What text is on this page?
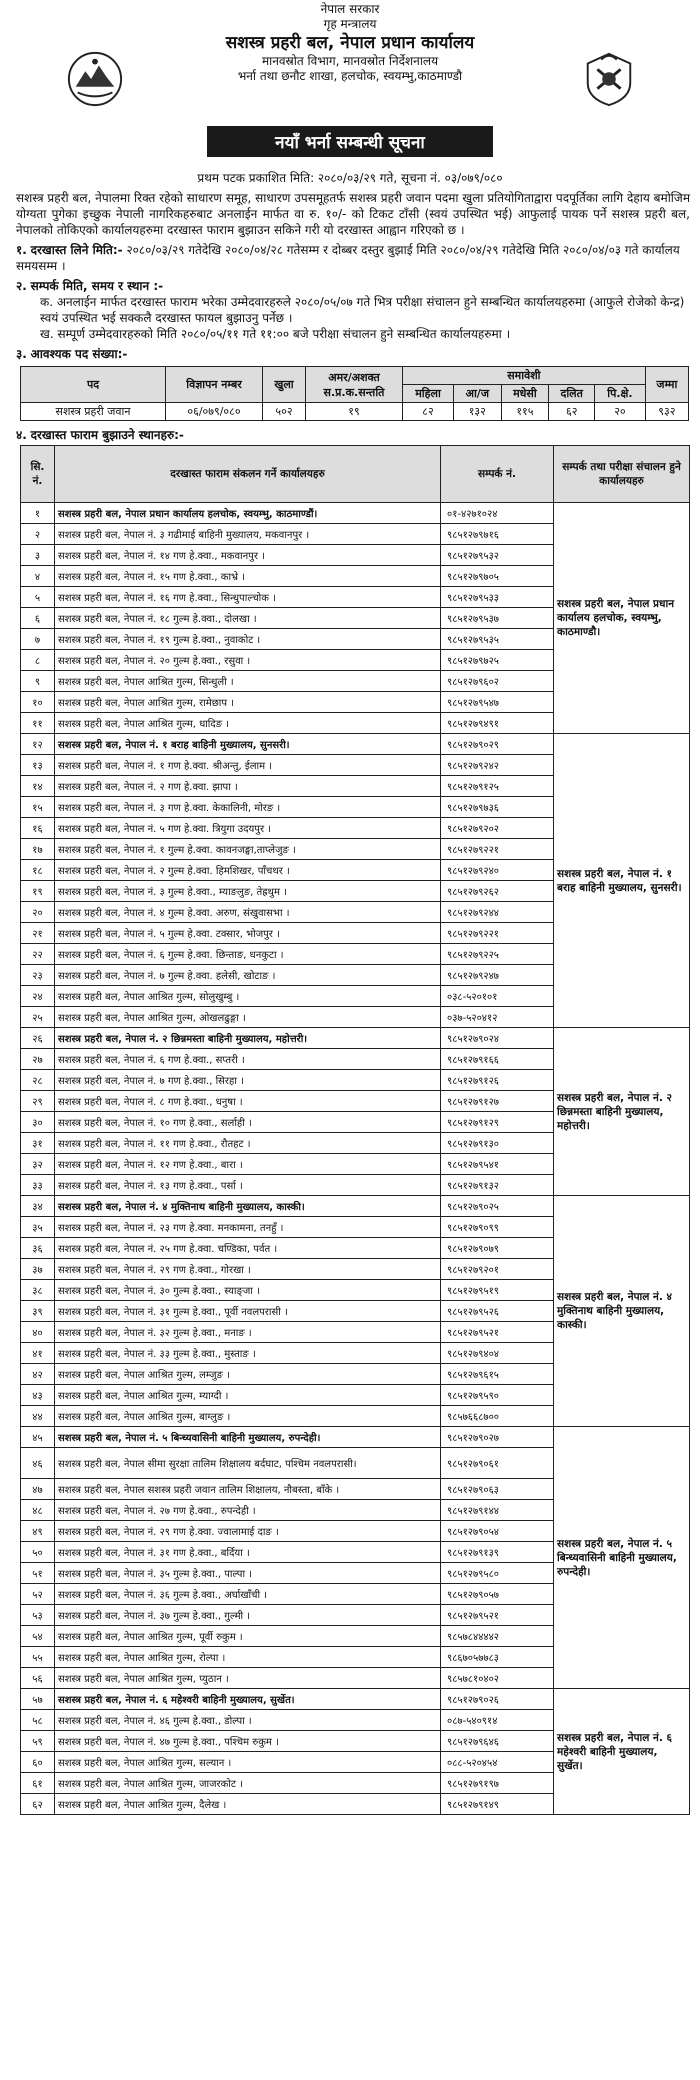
नेपाल सरकार
गृह मन्त्रालय
सशस्त्र प्रहरी बल, नेपाल प्रधान कार्यालय
मानवस्रोत विभाग, मानवस्रोत निर्देशनालय
भर्ना तथा छनौट शाखा, हलचोक, स्वयम्भु,काठमाण्डौ
नयाँ भर्ना सम्बन्धी सूचना
प्रथम पटक प्रकाशित मिति: २०८०/०३/२९ गते, सूचना नं. ०३/०७९/०८०
सशस्त्र प्रहरी बल, नेपालमा रिक्त रहेको साधारण समूह, साधारण उपसमूहतर्फ सशस्त्र प्रहरी जवान पदमा खुला प्रतियोगिताद्वारा पदपूर्तिका लागि देहाय बमोजिम योग्यता पुगेका इच्छुक नेपाली नागरिकहरुबाट अनलाईन मार्फत वा रु. १०/- को टिकट टाँसी (स्वयं उपस्थित भई) आफुलाई पायक पर्ने सशस्त्र प्रहरी बल, नेपालको तोकिएको कार्यालयहरुमा दरखास्त फाराम बुझाउन सकिने गरी यो दरखास्त आह्वान गरिएको छ ।
१. दरखास्त लिने मिति:- २०८०/०३/२९ गतेदेखि २०८०/०४/२८ गतेसम्म र दोब्बर दस्तुर बुझाई मिति २०८०/०४/२९ गतेदेखि मिति २०८०/०४/०३ गते कार्यालय समयसम्म ।
२. सम्पर्क मिति, समय र स्थान :-
क. अनलाईन मार्फत दरखास्त फाराम भरेका उम्मेदवारहरुले २०८०/०५/०७ गते भित्र परीक्षा संचालन हुने सम्बन्धित कार्यालयहरुमा (आफुले रोजेको केन्द्र) स्वयं उपस्थित भई सक्कलै दरखास्त फायल बुझाउनु पर्नेछ ।
ख. सम्पूर्ण उम्मेदवारहरुको मिति २०८०/०५/११ गते ११:०० बजे परीक्षा संचालन हुने सम्बन्धित कार्यालयहरुमा ।
३. आवश्यक पद संख्या:-
पद	विज्ञापन नम्बर	खुला	अमर/अशक्त स.प्र.क.सन्तति	समावेशी					जम्मा
				महिला	आ/ज	मधेसी	दलित	पि.क्षे.	
सशस्त्र प्रहरी जवान	०६/०७९/०८०	५०२	१९	८२	१३२	११५	६२	२०	९३२
४. दरखास्त फाराम बुझाउने स्थानहरु:-
सि. नं.	दरखास्त फाराम संकलन गर्ने कार्यालयहरु	सम्पर्क नं.	सम्पर्क तथा परीक्षा संचालन हुने कार्यालयहरु
१	सशस्त्र प्रहरी बल, नेपाल प्रधान कार्यालय हलचोक, स्वयम्भु, काठमाण्डौं।	०१-४२७१०२४	सशस्त्र प्रहरी बल, नेपाल प्रधान कार्यालय हलचोक, स्वयम्भु, काठमाण्डौ।
२	सशस्त्र प्रहरी बल, नेपाल नं. ३ गढीमाई बाहिनी मुख्यालय, मकवानपुर ।	९८५१२७९७१६	
३	सशस्त्र प्रहरी बल, नेपाल नं. १४ गण हे.क्वा., मकवानपुर ।	९८५१२७९५३२	
४	सशस्त्र प्रहरी बल, नेपाल नं. १५ गण हे.क्वा., काभ्रे ।	९८५१२७९७०५	
५	सशस्त्र प्रहरी बल, नेपाल नं. १६ गण हे.क्वा., सिन्धुपाल्चोक ।	९८५१२७९५३३	
६	सशस्त्र प्रहरी बल, नेपाल नं. १८ गुल्म हे.क्वा., दोलखा ।	९८५१२७९५३७	
७	सशस्त्र प्रहरी बल, नेपाल नं. १९ गुल्म हे.क्वा., नुवाकोट ।	९८५१२७९५३५	
८	सशस्त्र प्रहरी बल, नेपाल नं. २० गुल्म हे.क्वा., रसुवा ।	९८५१२७९७२५	
९	सशस्त्र प्रहरी बल, नेपाल आश्रित गुल्म, सिन्धुली ।	९८५१२७९६०२	
१०	सशस्त्र प्रहरी बल, नेपाल आश्रित गुल्म, रामेछाप ।	९८५१२७९५४७	
११	सशस्त्र प्रहरी बल, नेपाल आश्रित गुल्म, धादिङ ।	९८५१२७९४९१	
१२	सशस्त्र प्रहरी बल, नेपाल नं. १ बराह बाहिनी मुख्यालय, सुनसरी।	९८५१२७९०२९	सशस्त्र प्रहरी बल, नेपाल नं. १ बराह बाहिनी मुख्यालय, सुनसरी।
१३	सशस्त्र प्रहरी बल, नेपाल नं. १ गण हे.क्वा. श्रीअन्तु, ईलाम ।	९८५१२७९२४२	
१४	सशस्त्र प्रहरी बल, नेपाल नं. २ गण हे.क्वा. झापा ।	९८५१२७९१२५	
१५	सशस्त्र प्रहरी बल, नेपाल नं. ३ गण हे.क्वा. केकालिनी, मोरङ ।	९८५१२७९७३६	
१६	सशस्त्र प्रहरी बल, नेपाल नं. ५ गण हे.क्वा. त्रियुगा उदयपुर ।	९८५१२७९२०२	
१७	सशस्त्र प्रहरी बल, नेपाल नं. १ गुल्म हे.क्वा. कावनजङ्घा,ताप्लेजुङ ।	९८५१२७९२२१	
१८	सशस्त्र प्रहरी बल, नेपाल नं. २ गुल्म हे.क्वा. हिमशिखर, पाँचथर ।	९८५१२७९२४०	
१९	सशस्त्र प्रहरी बल, नेपाल नं. ३ गुल्म हे.क्वा., म्याङलुङ, तेह्रथुम ।	९८५१२७९२६२	
२०	सशस्त्र प्रहरी बल, नेपाल नं. ४ गुल्म हे.क्वा. अरुण, संखुवासभा ।	९८५१२७९२४४	
२१	सशस्त्र प्रहरी बल, नेपाल नं. ५ गुल्म हे.क्वा. टक्सार, भोजपुर ।	९८५१२७९२२१	
२२	सशस्त्र प्रहरी बल, नेपाल नं. ६ गुल्म हे.क्वा. छिन्ताङ, धनकुटा ।	९८५१२७९२२५	
२३	सशस्त्र प्रहरी बल, नेपाल नं. ७ गुल्म हे.क्वा. हलेसी, खोटाङ ।	९८५१२७९२४७	
२४	सशस्त्र प्रहरी बल, नेपाल आश्रित गुल्म, सोलुखुम्बु ।	०३८-५२०१०१	
२५	सशस्त्र प्रहरी बल, नेपाल आश्रित गुल्म, ओखलढुङ्गा ।	०३७-५२०४१२	
२६	सशस्त्र प्रहरी बल, नेपाल नं. २ छिन्नमस्ता बाहिनी मुख्यालय, महोत्तरी।	९८५१२७९०२४	सशस्त्र प्रहरी बल, नेपाल नं. २ छिन्नमस्ता बाहिनी मुख्यालय, महोत्तरी।
२७	सशस्त्र प्रहरी बल, नेपाल नं. ६ गण हे.क्वा., सप्तरी ।	९८५१२७९१६६	
२८	सशस्त्र प्रहरी बल, नेपाल नं. ७ गण हे.क्वा., सिरहा ।	९८५१२७९१२६	
२९	सशस्त्र प्रहरी बल, नेपाल नं. ८ गण हे.क्वा., धनुषा ।	९८५१२७९१२७	
३०	सशस्त्र प्रहरी बल, नेपाल नं. १० गण हे.क्वा., सर्लाही ।	९८५१२७९१२९	
३१	सशस्त्र प्रहरी बल, नेपाल नं. ११ गण हे.क्वा., रौतहट ।	९८५१२७९१३०	
३२	सशस्त्र प्रहरी बल, नेपाल नं. १२ गण हे.क्वा., बारा ।	९८५१२७९५४१	
३३	सशस्त्र प्रहरी बल, नेपाल नं. १३ गण हे.क्वा., पर्सा ।	९८५१२७९१३२	
३४	सशस्त्र प्रहरी बल, नेपाल नं. ४ मुक्तिनाथ बाहिनी मुख्यालय, कास्की।	९८५१२७९०२५	सशस्त्र प्रहरी बल, नेपाल नं. ४ मुक्तिनाथ बाहिनी मुख्यालय, कास्की।
३५	सशस्त्र प्रहरी बल, नेपाल नं. २३ गण हे.क्वा. मनकामना, तनहुँ ।	९८५१२७९०९९	
३६	सशस्त्र प्रहरी बल, नेपाल नं. २५ गण हे.क्वा. चण्डिका, पर्वत ।	९८५१२७९०७९	
३७	सशस्त्र प्रहरी बल, नेपाल नं. २९ गण हे.क्वा., गोरखा ।	९८५१२७९२०१	
३८	सशस्त्र प्रहरी बल, नेपाल नं. ३० गुल्म हे.क्वा., स्याङ्जा ।	९८५१२७९५१९	
३९	सशस्त्र प्रहरी बल, नेपाल नं. ३१ गुल्म हे.क्वा., पूर्वी नवलपरासी ।	९८५१२७९५२६	
४०	सशस्त्र प्रहरी बल, नेपाल नं. ३२ गुल्म हे.क्वा., मनाङ ।	९८५१२७९५२१	
४१	सशस्त्र प्रहरी बल, नेपाल नं. ३३ गुल्म हे.क्वा., मुस्ताङ ।	९८५१२७९४०४	
४२	सशस्त्र प्रहरी बल, नेपाल आश्रित गुल्म, लम्जुङ ।	९८५१२७९६१५	
४३	सशस्त्र प्रहरी बल, नेपाल आश्रित गुल्म, म्याग्दी ।	९८५१२७९५९०	
४४	सशस्त्र प्रहरी बल, नेपाल आश्रित गुल्म, बाग्लुङ ।	९८५७६६८७००	
४५	सशस्त्र प्रहरी बल, नेपाल नं. ५ बिन्ध्यवासिनी बाहिनी मुख्यालय, रुपन्देही।	९८५१२७९०२७	सशस्त्र प्रहरी बल, नेपाल नं. ५ बिन्ध्यवासिनी बाहिनी मुख्यालय, रुपन्देही।
४६	सशस्त्र प्रहरी बल, नेपाल सीमा सुरक्षा तालिम शिक्षालय बर्दघाट, पश्चिम नवलपरासी।	९८५१२७९०६१	
४७	सशस्त्र प्रहरी बल, नेपाल सशस्त्र प्रहरी जवान तालिम शिक्षालय, नौबस्ता, बाँके ।	९८५१२७९०६३	
४८	सशस्त्र प्रहरी बल, नेपाल नं. २७ गण हे.क्वा., रुपन्देही ।	९८५१२७९१४४	
४९	सशस्त्र प्रहरी बल, नेपाल नं. २९ गण हे.क्वा. ज्वालामाई दाङ ।	९८५१२७९०५४	
५०	सशस्त्र प्रहरी बल, नेपाल नं. ३१ गण हे.क्वा., बर्दिया ।	९८५१२७९१३९	
५१	सशस्त्र प्रहरी बल, नेपाल नं. ३५ गुल्म हे.क्वा., पाल्पा ।	९८५१२७९५८०	
५२	सशस्त्र प्रहरी बल, नेपाल नं. ३६ गुल्म हे.क्वा., अर्घाखाँची ।	९८५१२७९०५७	
५३	सशस्त्र प्रहरी बल, नेपाल नं. ३७ गुल्म हे.क्वा., गुल्मी ।	९८५१२७९५२१	
५४	सशस्त्र प्रहरी बल, नेपाल आश्रित गुल्म, पूर्वी रुकुम ।	९८५७८४४४४२	
५५	सशस्त्र प्रहरी बल, नेपाल आश्रित गुल्म, रोल्पा ।	९८६७०५७७८३	
५६	सशस्त्र प्रहरी बल, नेपाल आश्रित गुल्म, प्युठान ।	९८५७८१०४०२	
५७	सशस्त्र प्रहरी बल, नेपाल नं. ६ महेश्वरी बाहिनी मुख्यालय, सुर्खेत।	९८५१२७९०२६	सशस्त्र प्रहरी बल, नेपाल नं. ६ महेश्वरी बाहिनी मुख्यालय, सुर्खेत।
५८	सशस्त्र प्रहरी बल, नेपाल नं. ४६ गुल्म हे.क्वा., डोल्पा ।	०८७-५४०९१४	
५९	सशस्त्र प्रहरी बल, नेपाल नं. ४७ गुल्म हे.क्वा., पश्चिम रुकुम ।	९८५१२७९६४६	
६०	सशस्त्र प्रहरी बल, नेपाल आश्रित गुल्म, सल्यान ।	०८८-५२०४५४	
६१	सशस्त्र प्रहरी बल, नेपाल आश्रित गुल्म, जाजरकोट ।	९८५१२७९१९७	
६२	सशस्त्र प्रहरी बल, नेपाल आश्रित गुल्म, दैलेख ।	९८५१२७९१४९	
